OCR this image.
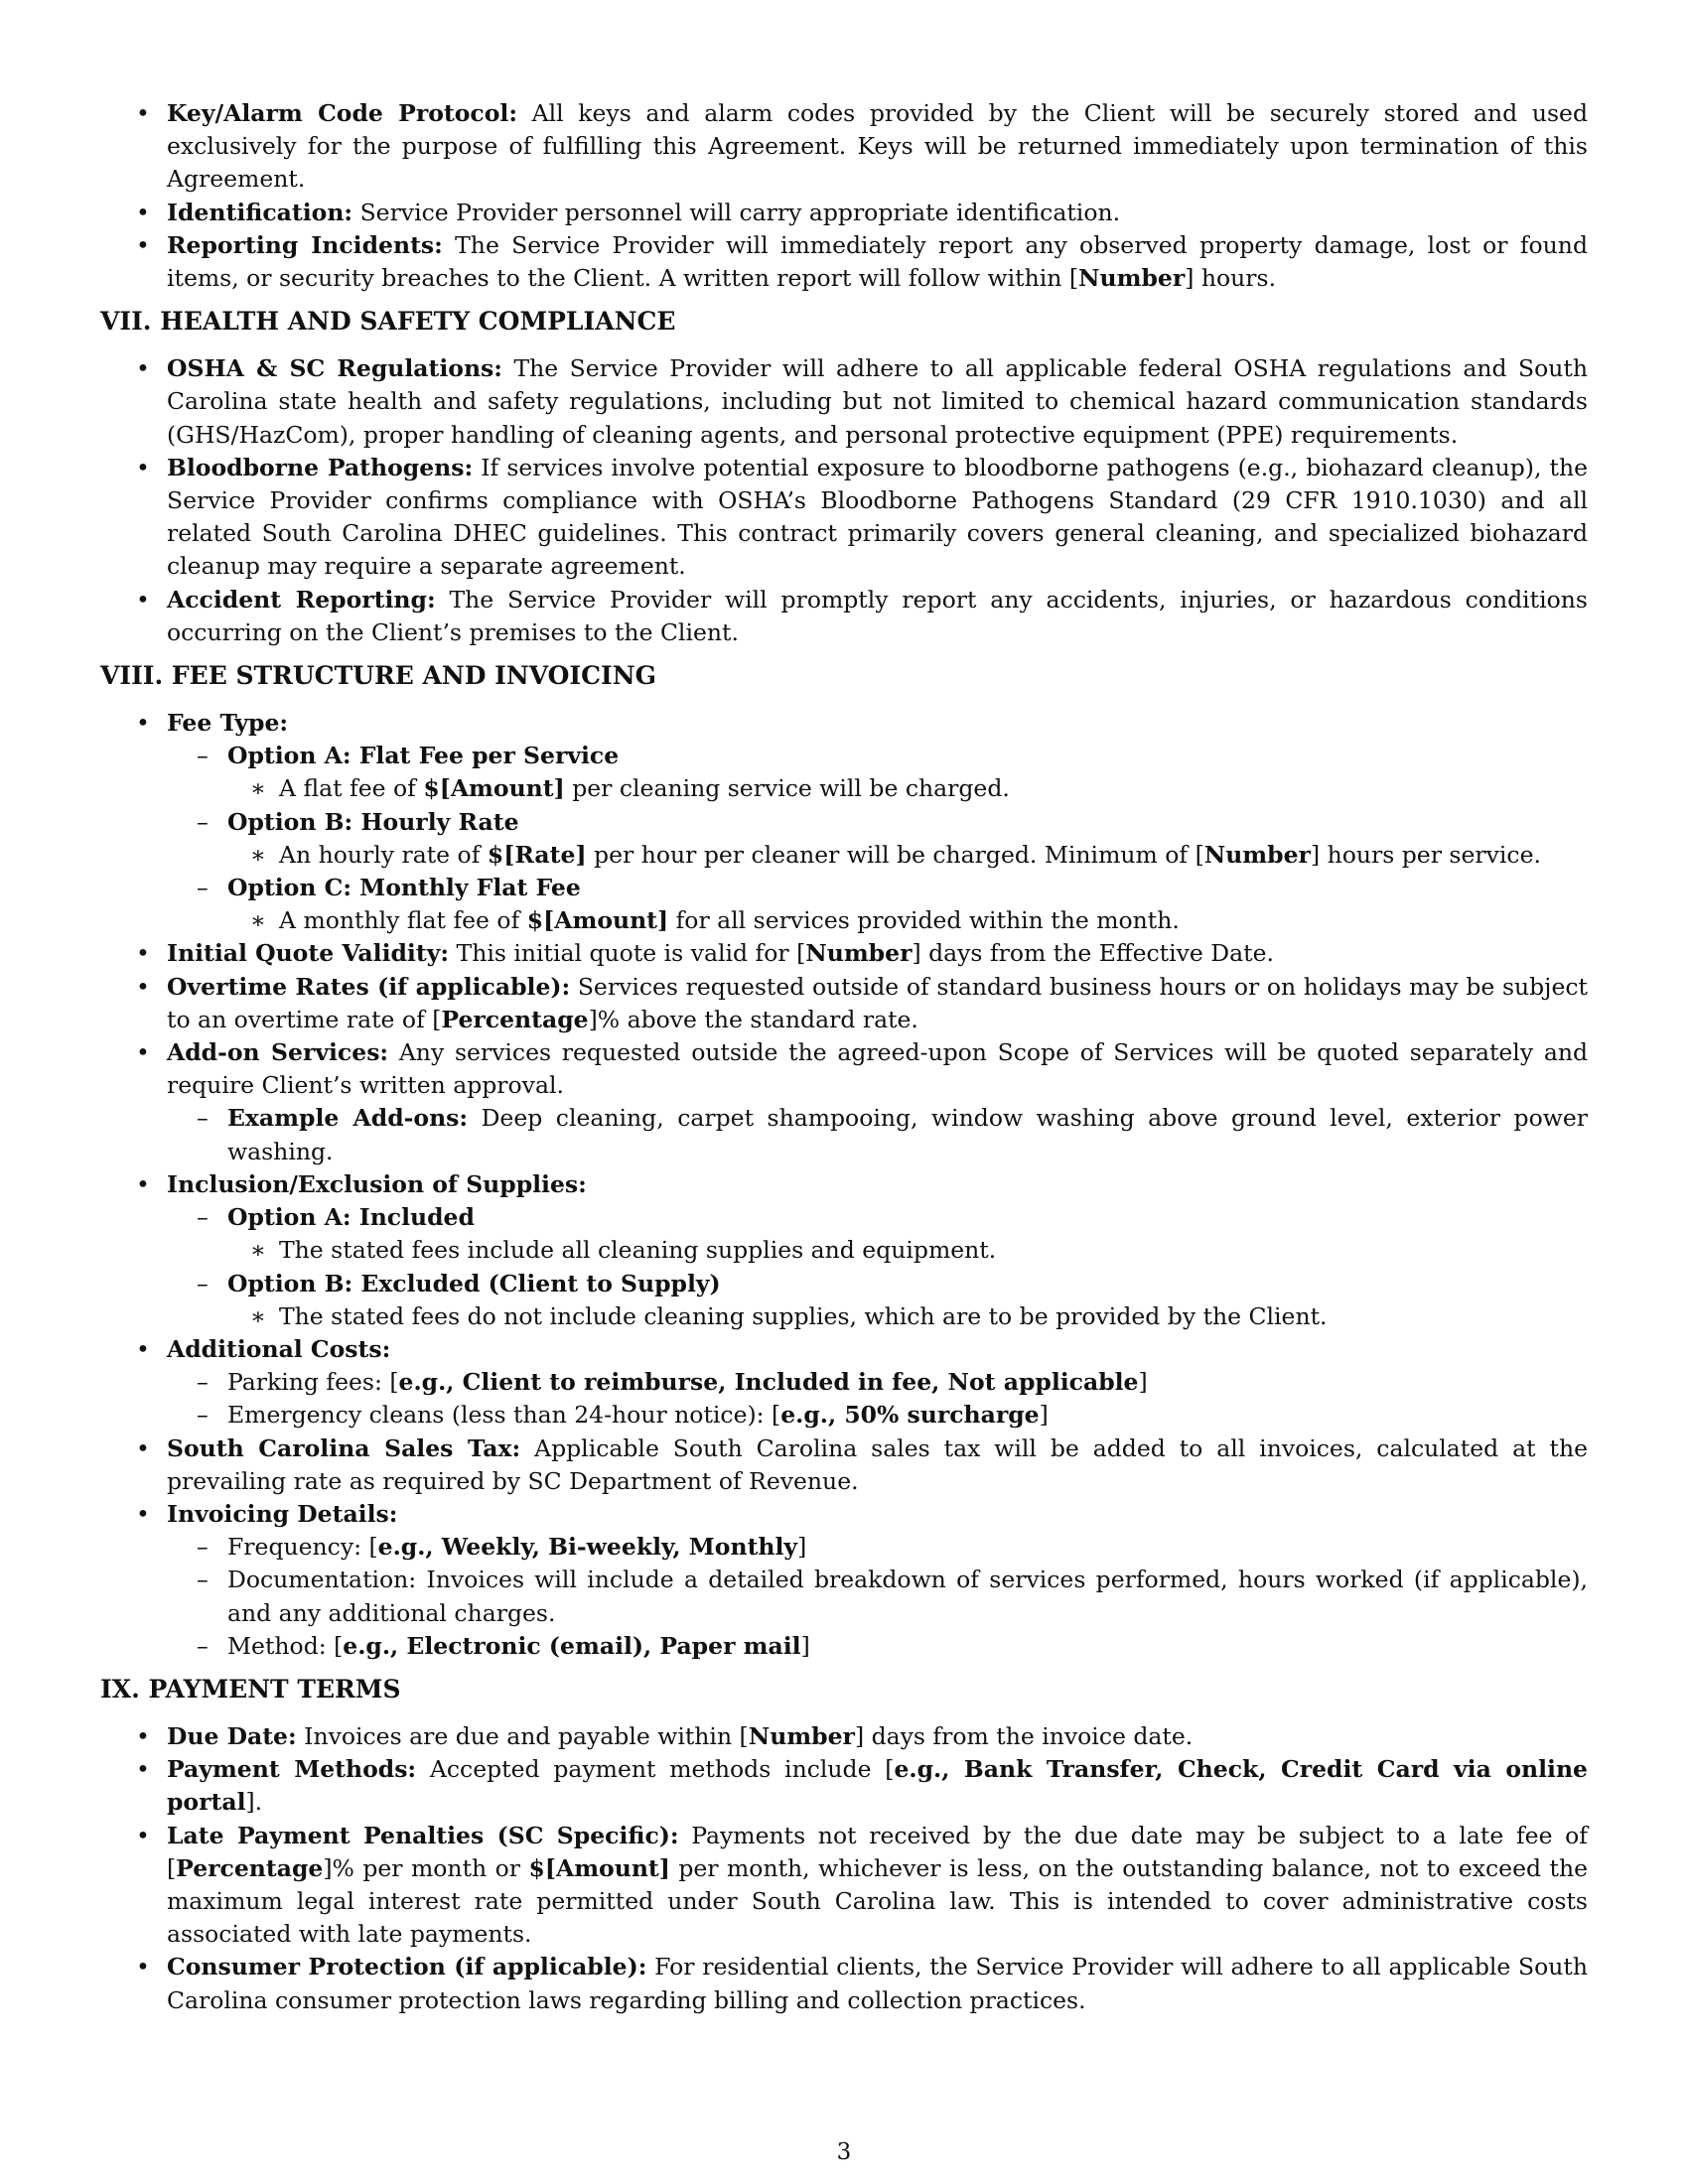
• Key/Alarm Code Protocol: All keys and alarm codes provided by the Client will be securely stored and used exclusively for the purpose of fulfilling this Agreement. Keys will be returned immediately upon termination of this Agreement.
• Identification: Service Provider personnel will carry appropriate identification.
• Reporting Incidents: The Service Provider will immediately report any observed property damage, lost or found items, or security breaches to the Client. A written report will follow within [Number] hours.
VII. HEALTH AND SAFETY COMPLIANCE
• OSHA & SC Regulations: The Service Provider will adhere to all applicable federal OSHA regulations and South Carolina state health and safety regulations, including but not limited to chemical hazard communication standards (GHS/HazCom), proper handling of cleaning agents, and personal protective equipment (PPE) requirements.
• Bloodborne Pathogens: If services involve potential exposure to bloodborne pathogens (e.g., biohazard cleanup), the Service Provider confirms compliance with OSHA’s Bloodborne Pathogens Standard (29 CFR 1910.1030) and all related South Carolina DHEC guidelines. This contract primarily covers general cleaning, and specialized biohazard cleanup may require a separate agreement.
• Accident Reporting: The Service Provider will promptly report any accidents, injuries, or hazardous conditions occurring on the Client’s premises to the Client.
VIII. FEE STRUCTURE AND INVOICING
• Fee Type:
– Option A: Flat Fee per Service
∗ A flat fee of $[Amount] per cleaning service will be charged.
– Option B: Hourly Rate
∗ An hourly rate of $[Rate] per hour per cleaner will be charged. Minimum of [Number] hours per service.
– Option C: Monthly Flat Fee
∗ A monthly flat fee of $[Amount] for all services provided within the month.
• Initial Quote Validity: This initial quote is valid for [Number] days from the Effective Date.
• Overtime Rates (if applicable): Services requested outside of standard business hours or on holidays may be subject to an overtime rate of [Percentage]% above the standard rate.
• Add-on Services: Any services requested outside the agreed-upon Scope of Services will be quoted separately and require Client’s written approval.
– Example Add-ons: Deep cleaning, carpet shampooing, window washing above ground level, exterior power washing.
• Inclusion/Exclusion of Supplies:
– Option A: Included
∗ The stated fees include all cleaning supplies and equipment.
– Option B: Excluded (Client to Supply)
∗ The stated fees do not include cleaning supplies, which are to be provided by the Client.
• Additional Costs:
– Parking fees: [e.g., Client to reimburse, Included in fee, Not applicable]
– Emergency cleans (less than 24-hour notice): [e.g., 50% surcharge]
• South Carolina Sales Tax: Applicable South Carolina sales tax will be added to all invoices, calculated at the prevailing rate as required by SC Department of Revenue.
• Invoicing Details:
– Frequency: [e.g., Weekly, Bi-weekly, Monthly]
– Documentation: Invoices will include a detailed breakdown of services performed, hours worked (if applicable), and any additional charges.
– Method: [e.g., Electronic (email), Paper mail]
IX. PAYMENT TERMS
• Due Date: Invoices are due and payable within [Number] days from the invoice date.
• Payment Methods: Accepted payment methods include [e.g., Bank Transfer, Check, Credit Card via online portal].
• Late Payment Penalties (SC Specific): Payments not received by the due date may be subject to a late fee of [Percentage]% per month or $[Amount] per month, whichever is less, on the outstanding balance, not to exceed the maximum legal interest rate permitted under South Carolina law. This is intended to cover administrative costs associated with late payments.
• Consumer Protection (if applicable): For residential clients, the Service Provider will adhere to all applicable South Carolina consumer protection laws regarding billing and collection practices.
3
